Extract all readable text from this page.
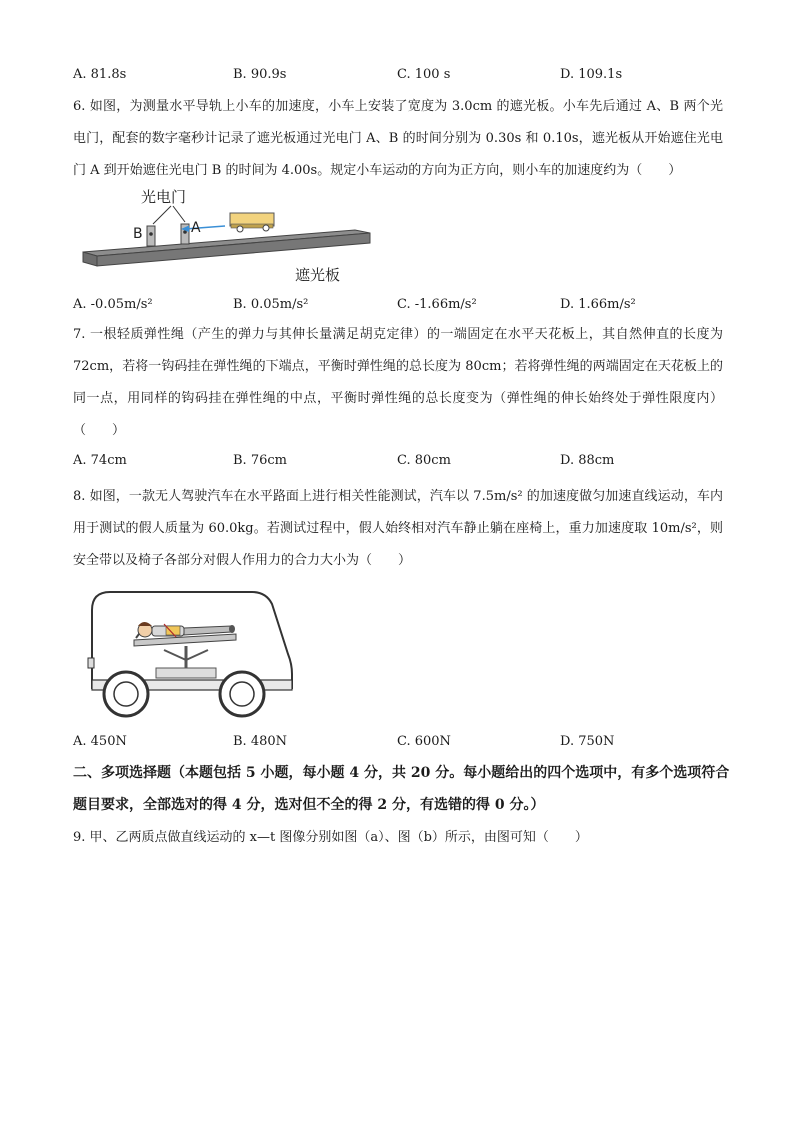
A. 81.8s	B. 90.9s	C. 100 s	D. 109.1s
6. 如图，为测量水平导轨上小车的加速度，小车上安装了宽度为 3.0cm 的遮光板。小车先后通过 A、B 两个光电门，配套的数字毫秒计记录了遮光板通过光电门 A、B 的时间分别为 0.30s 和 0.10s，遮光板从开始遮住光电门 A 到开始遮住光电门 B 的时间为 4.00s。规定小车运动的方向为正方向，则小车的加速度约为（　　）
光电门
B	A
遮光板
A. -0.05m/s²	B. 0.05m/s²	C. -1.66m/s²	D. 1.66m/s²
7. 一根轻质弹性绳（产生的弹力与其伸长量满足胡克定律）的一端固定在水平天花板上，其自然伸直的长度为 72cm，若将一钩码挂在弹性绳的下端点，平衡时弹性绳的总长度为 80cm；若将弹性绳的两端固定在天花板上的同一点，用同样的钩码挂在弹性绳的中点，平衡时弹性绳的总长度变为（弹性绳的伸长始终处于弹性限度内）（　　）
A. 74cm	B. 76cm	C. 80cm	D. 88cm
8. 如图，一款无人驾驶汽车在水平路面上进行相关性能测试，汽车以 7.5m/s² 的加速度做匀加速直线运动，车内用于测试的假人质量为 60.0kg。若测试过程中，假人始终相对汽车静止躺在座椅上，重力加速度取 10m/s²，则安全带以及椅子各部分对假人作用力的合力大小为（　　）
A. 450N	B. 480N	C. 600N	D. 750N
二、多项选择题（本题包括 5 小题，每小题 4 分，共 20 分。每小题给出的四个选项中，有多个选项符合题目要求，全部选对的得 4 分，选对但不全的得 2 分，有选错的得 0 分。）
9. 甲、乙两质点做直线运动的 x—t 图像分别如图（a）、图（b）所示，由图可知（　　）
